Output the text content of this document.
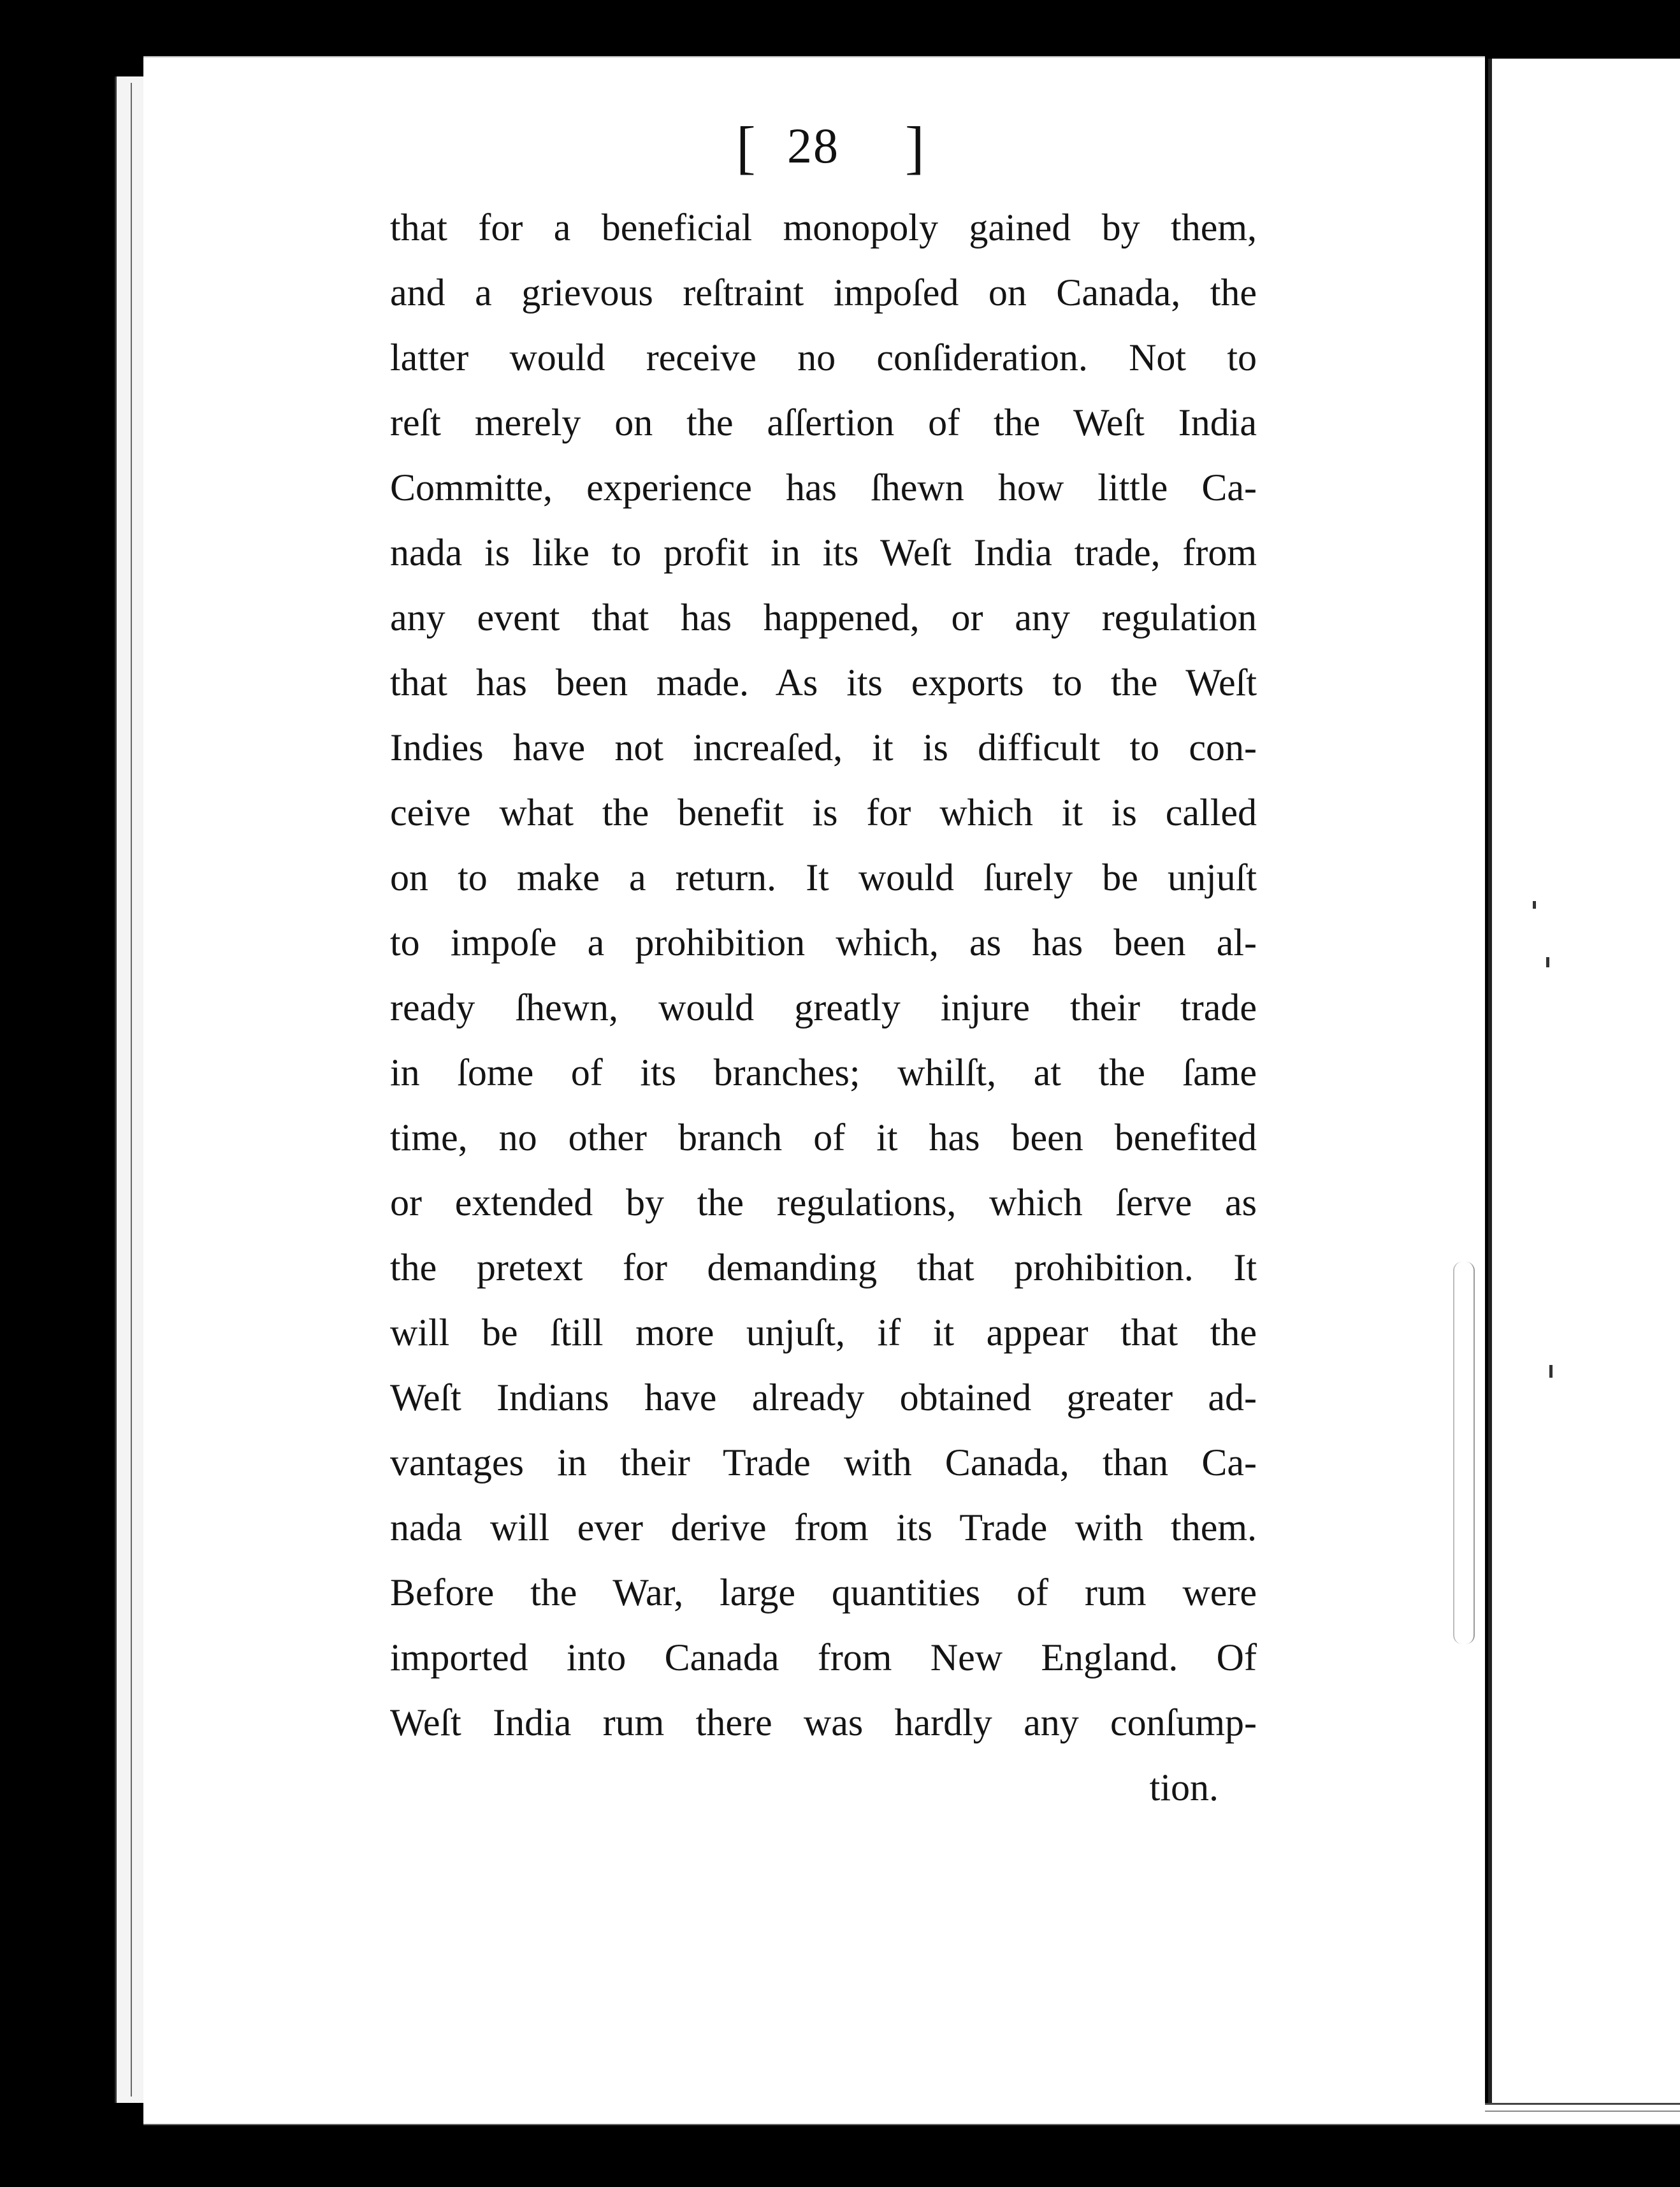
[ 28 ]
that for a beneficial monopoly gained by them,
and a grievous reſtraint impoſed on Canada, the
latter would receive no conſideration. Not to
reſt merely on the aſſertion of the Weſt India
Committe, experience has ſhewn how little Ca-
nada is like to profit in its Weſt India trade, from
any event that has happened, or any regulation
that has been made. As its exports to the Weſt
Indies have not increaſed, it is difficult to con-
ceive what the benefit is for which it is called
on to make a return. It would ſurely be unjuſt
to impoſe a prohibition which, as has been al-
ready ſhewn, would greatly injure their trade
in ſome of its branches; whilſt, at the ſame
time, no other branch of it has been benefited
or extended by the regulations, which ſerve as
the pretext for demanding that prohibition. It
will be ſtill more unjuſt, if it appear that the
Weſt Indians have already obtained greater ad-
vantages in their Trade with Canada, than Ca-
nada will ever derive from its Trade with them.
Before the War, large quantities of rum were
imported into Canada from New England. Of
Weſt India rum there was hardly any conſump-
tion.
